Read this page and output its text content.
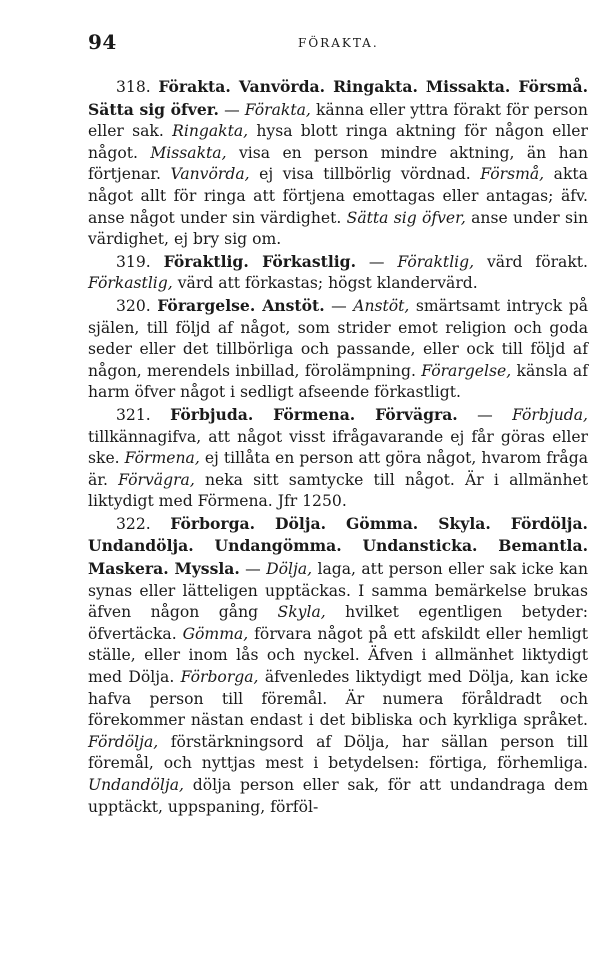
94	FÖRAKTA.

318. Förakta. Vanvörda. Ringakta. Missakta. Försmå. Sätta sig öfver. — Förakta, känna eller yttra förakt för person eller sak. Ringakta, hysa blott ringa aktning för någon eller något. Missakta, visa en person mindre aktning, än han förtjenar. Vanvörda, ej visa tillbörlig vördnad. Försmå, akta något allt för ringa att förtjena emottagas eller antagas; äfv. anse något under sin värdighet. Sätta sig öfver, anse under sin värdighet, ej bry sig om.

319. Föraktlig. Förkastlig. — Föraktlig, värd förakt. Förkastlig, värd att förkastas; högst klandervärd.

320. Förargelse. Anstöt. — Anstöt, smärtsamt intryck på själen, till följd af något, som strider emot religion och goda seder eller det tillbörliga och passande, eller ock till följd af någon, merendels inbillad, förolämpning. Förargelse, känsla af harm öfver något i sedligt afseende förkastligt.

321. Förbjuda. Förmena. Förvägra. — Förbjuda, tillkännagifva, att något visst ifrågavarande ej får göras eller ske. Förmena, ej tillåta en person att göra något, hvarom fråga är. Förvägra, neka sitt samtycke till något. Är i allmänhet liktydigt med Förmena. Jfr 1250.

322. Förborga. Dölja. Gömma. Skyla. Fördölja. Undandölja. Undangömma. Undansticka. Bemantla. Maskera. Myssla. — Dölja, laga, att person eller sak icke kan synas eller lätteligen upptäckas. I samma bemärkelse brukas äfven någon gång Skyla, hvilket egentligen betyder: öfvertäcka. Gömma, förvara något på ett afskildt eller hemligt ställe, eller inom lås och nyckel. Äfven i allmänhet liktydigt med Dölja. Förborga, äfvenledes liktydigt med Dölja, kan icke hafva person till föremål. Är numera föråldradt och förekommer nästan endast i det bibliska och kyrkliga språket. Fördölja, förstärkningsord af Dölja, har sällan person till föremål, och nyttjas mest i betydelsen: förtiga, förhemliga. Undandölja, dölja person eller sak, för att undandraga dem upptäckt, uppspaning, förföl-
